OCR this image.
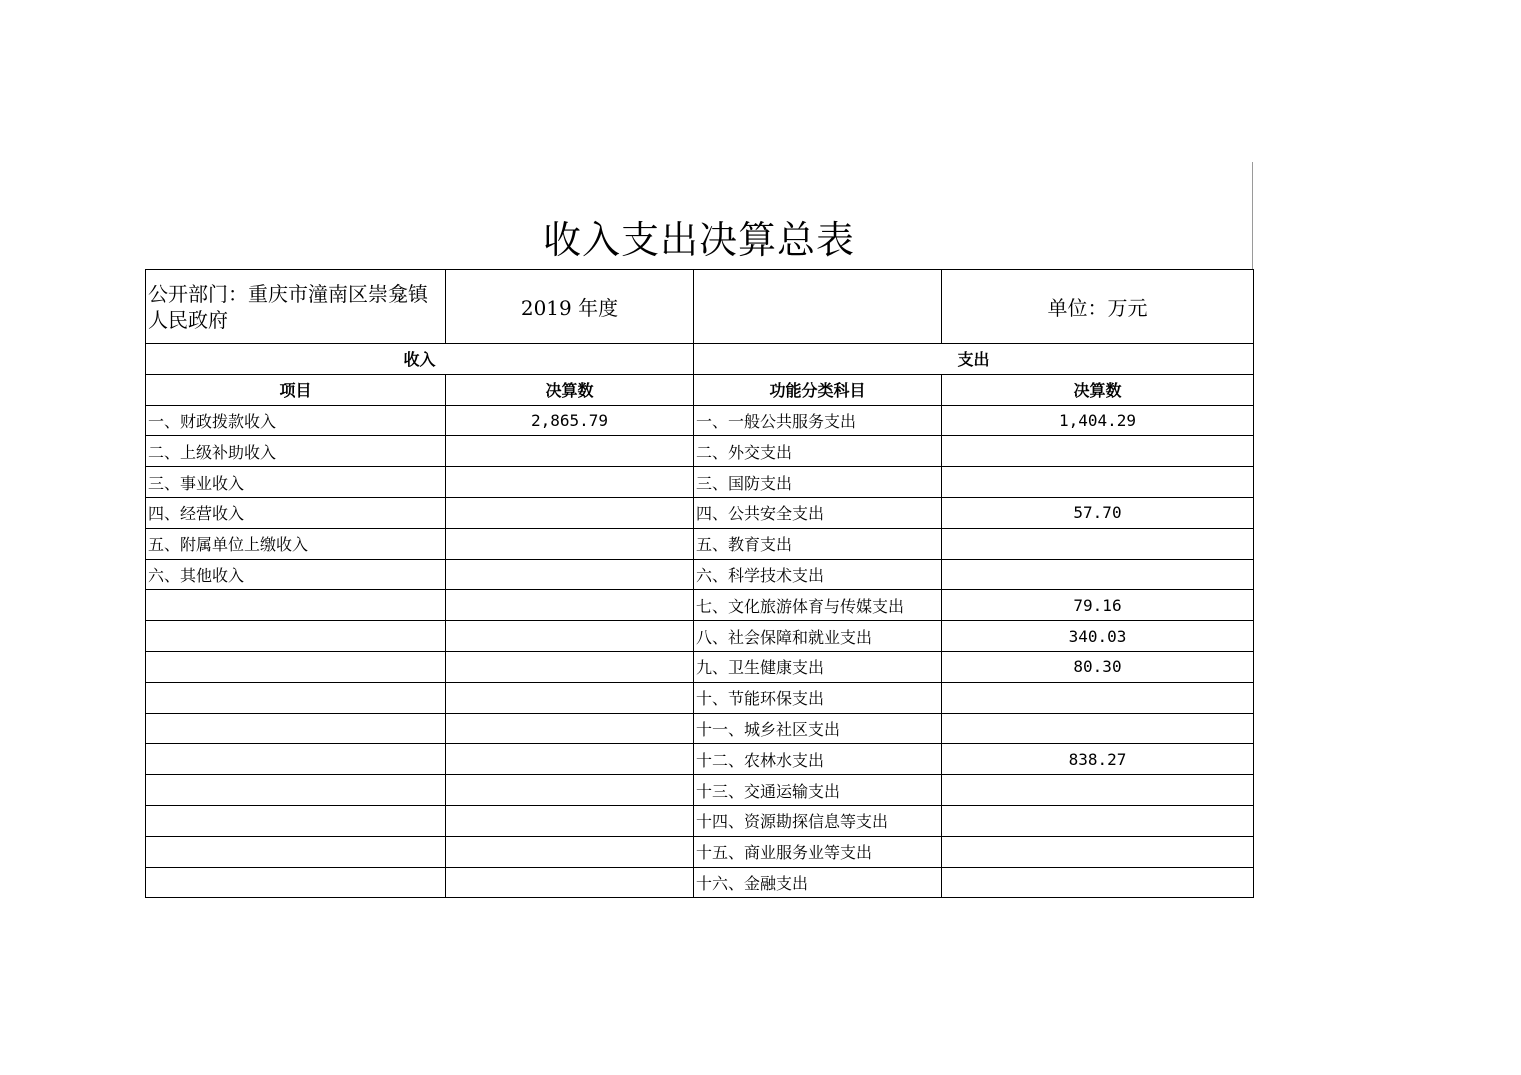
收入支出决算总表
公开部门：重庆市潼南区崇龛镇人民政府	2019 年度		单位：万元
收入		支出	
项目	决算数	功能分类科目	决算数
一、财政拨款收入	2,865.79	一、一般公共服务支出	1,404.29
二、上级补助收入		二、外交支出	
三、事业收入		三、国防支出	
四、经营收入		四、公共安全支出	57.70
五、附属单位上缴收入		五、教育支出	
六、其他收入		六、科学技术支出	
		七、文化旅游体育与传媒支出	79.16
		八、社会保障和就业支出	340.03
		九、卫生健康支出	80.30
		十、节能环保支出	
		十一、城乡社区支出	
		十二、农林水支出	838.27
		十三、交通运输支出	
		十四、资源勘探信息等支出	
		十五、商业服务业等支出	
		十六、金融支出	
